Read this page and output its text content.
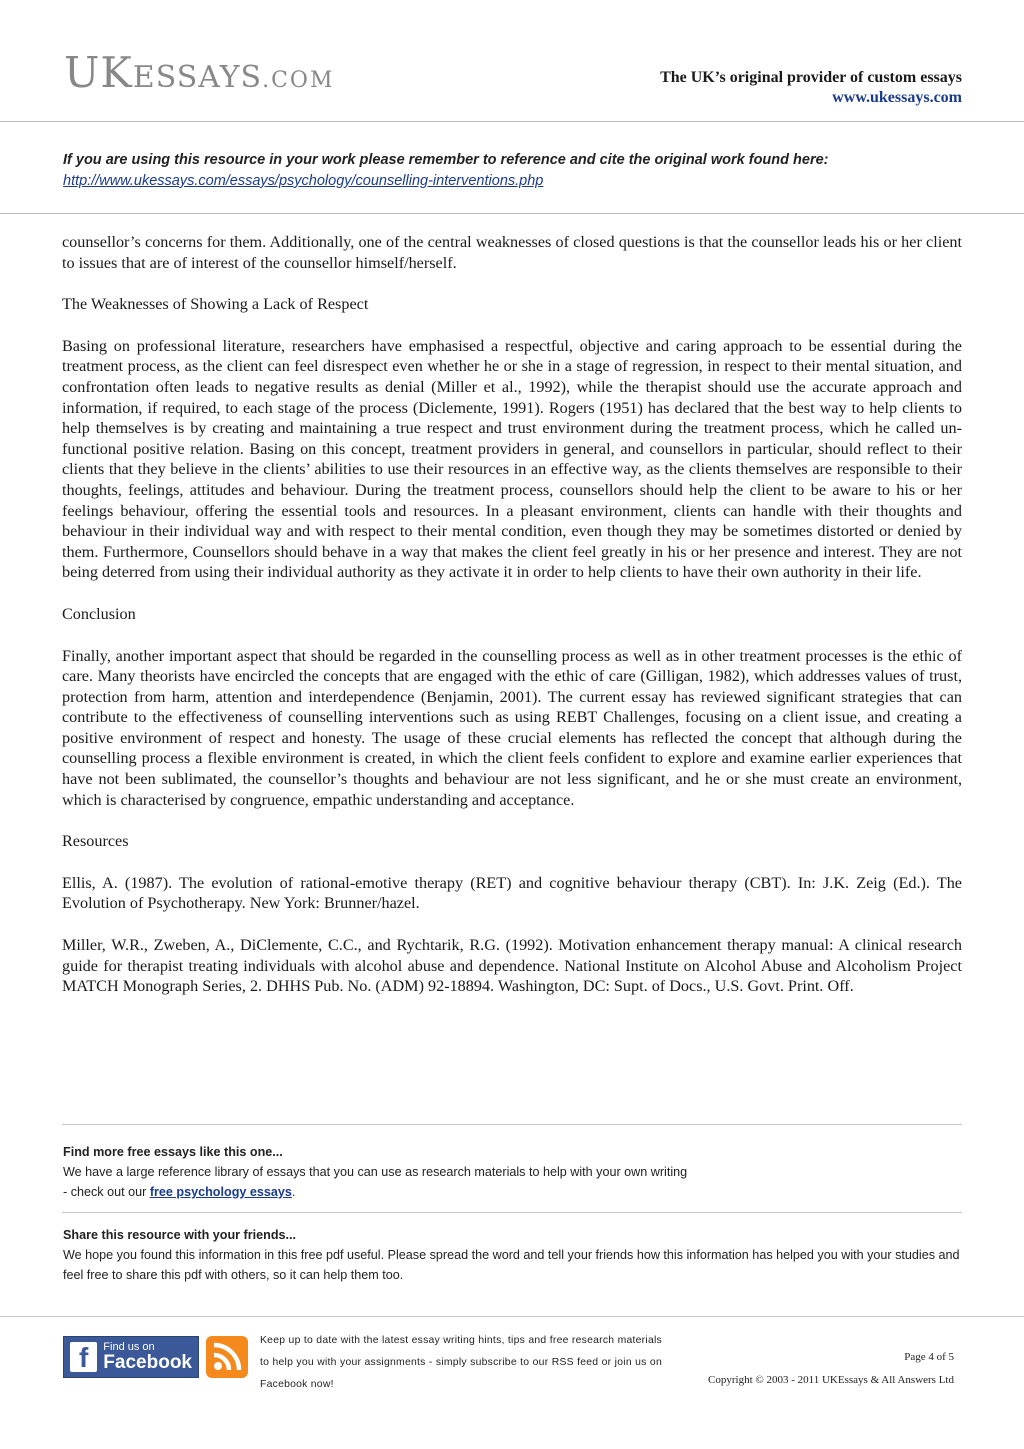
UKESSAYS.COM	The UK’s original provider of custom essays
www.ukessays.com
If you are using this resource in your work please remember to reference and cite the original work found here:
http://www.ukessays.com/essays/psychology/counselling-interventions.php

counsellor’s concerns for them. Additionally, one of the central weaknesses of closed questions is that the counsellor leads his or her client to issues that are of interest of the counsellor himself/herself.

The Weaknesses of Showing a Lack of Respect

Basing on professional literature, researchers have emphasised a respectful, objective and caring approach to be essential during the treatment process, as the client can feel disrespect even whether he or she in a stage of regression, in respect to their mental situation, and confrontation often leads to negative results as denial (Miller et al., 1992), while the therapist should use the accurate approach and information, if required, to each stage of the process (Diclemente, 1991). Rogers (1951) has declared that the best way to help clients to help themselves is by creating and maintaining a true respect and trust environment during the treatment process, which he called un-functional positive relation. Basing on this concept, treatment providers in general, and counsellors in particular, should reflect to their clients that they believe in the clients’ abilities to use their resources in an effective way, as the clients themselves are responsible to their thoughts, feelings, attitudes and behaviour. During the treatment process, counsellors should help the client to be aware to his or her feelings behaviour, offering the essential tools and resources. In a pleasant environment, clients can handle with their thoughts and behaviour in their individual way and with respect to their mental condition, even though they may be sometimes distorted or denied by them. Furthermore, Counsellors should behave in a way that makes the client feel greatly in his or her presence and interest. They are not being deterred from using their individual authority as they activate it in order to help clients to have their own authority in their life.

Conclusion

Finally, another important aspect that should be regarded in the counselling process as well as in other treatment processes is the ethic of care. Many theorists have encircled the concepts that are engaged with the ethic of care (Gilligan, 1982), which addresses values of trust, protection from harm, attention and interdependence (Benjamin, 2001). The current essay has reviewed significant strategies that can contribute to the effectiveness of counselling interventions such as using REBT Challenges, focusing on a client issue, and creating a positive environment of respect and honesty. The usage of these crucial elements has reflected the concept that although during the counselling process a flexible environment is created, in which the client feels confident to explore and examine earlier experiences that have not been sublimated, the counsellor’s thoughts and behaviour are not less significant, and he or she must create an environment, which is characterised by congruence, empathic understanding and acceptance.

Resources

Ellis, A. (1987). The evolution of rational-emotive therapy (RET) and cognitive behaviour therapy (CBT). In: J.K. Zeig (Ed.). The Evolution of Psychotherapy. New York: Brunner/hazel.

Miller, W.R., Zweben, A., DiClemente, C.C., and Rychtarik, R.G. (1992). Motivation enhancement therapy manual: A clinical research guide for therapist treating individuals with alcohol abuse and dependence. National Institute on Alcohol Abuse and Alcoholism Project MATCH Monograph Series, 2. DHHS Pub. No. (ADM) 92-18894. Washington, DC: Supt. of Docs., U.S. Govt. Print. Off.

Find more free essays like this one...
We have a large reference library of essays that you can use as research materials to help with your own writing
- check out our free psychology essays.
Share this resource with your friends...
We hope you found this information in this free pdf useful. Please spread the word and tell your friends how this information has helped you with your studies and feel free to share this pdf with others, so it can help them too.
f	Find us on
Facebook
Keep up to date with the latest essay writing hints, tips and free research materials to help you with your assignments - simply subscribe to our RSS feed or join us on Facebook now!
Page 4 of 5
Copyright © 2003 - 2011 UKEssays & All Answers Ltd
